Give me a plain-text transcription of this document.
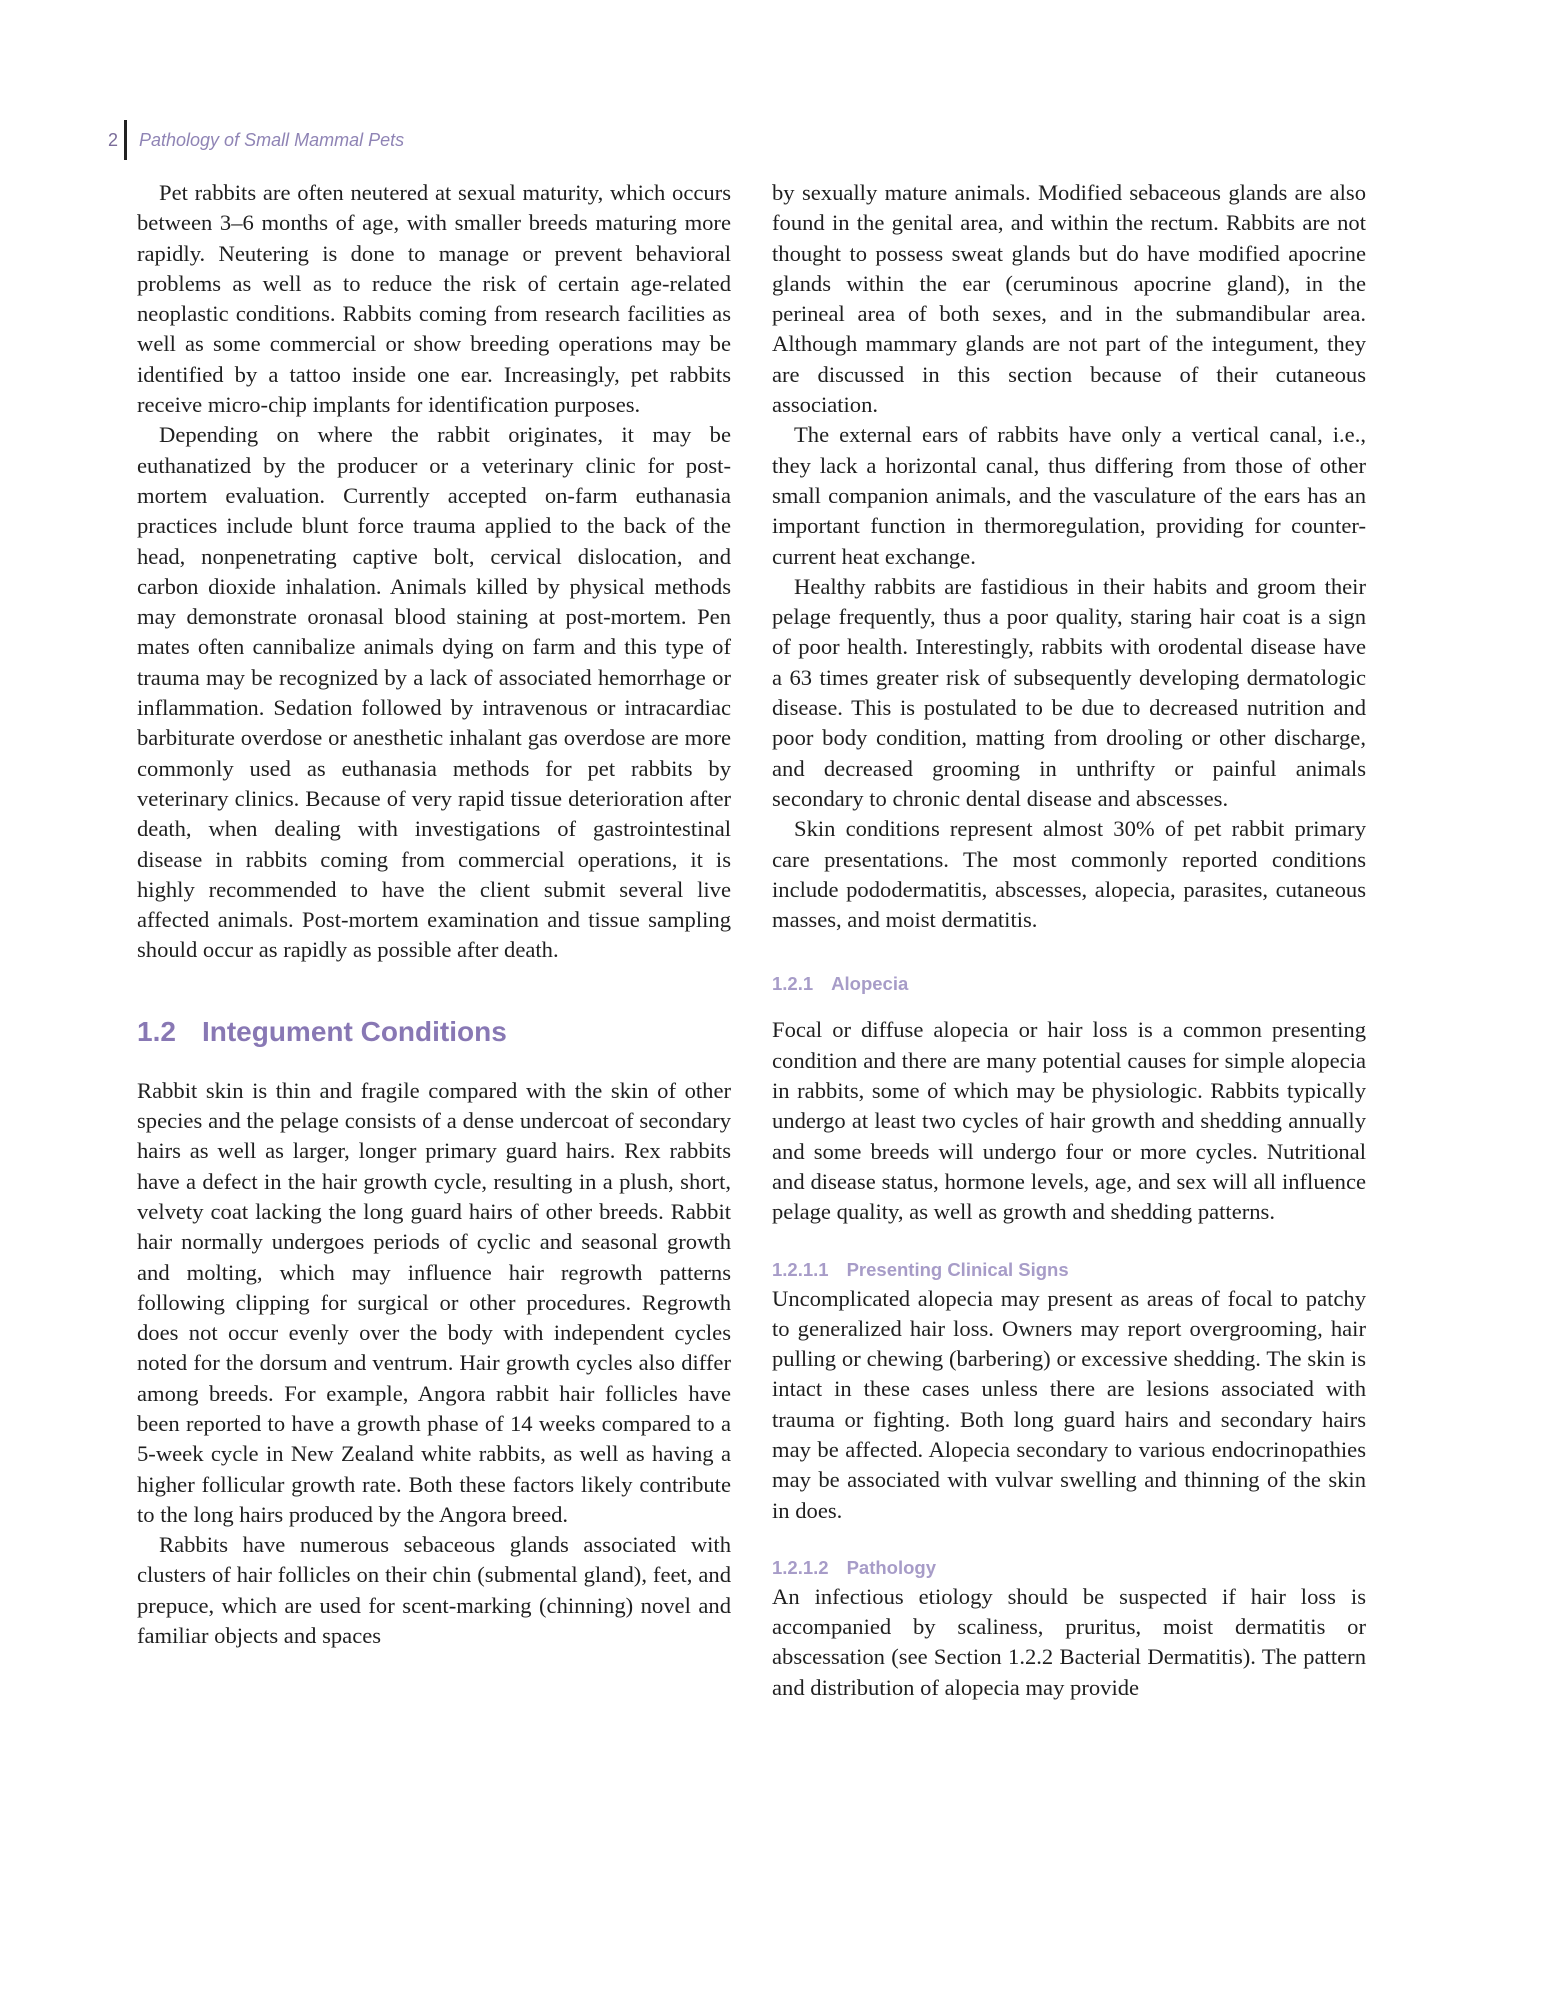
2 Pathology of Small Mammal Pets

Pet rabbits are often neutered at sexual maturity, which occurs between 3–6 months of age, with smaller breeds maturing more rapidly. Neutering is done to manage or prevent behavioral problems as well as to reduce the risk of certain age-related neoplastic conditions. Rabbits coming from research facilities as well as some commercial or show breeding operations may be identified by a tattoo inside one ear. Increasingly, pet rabbits receive micro-chip implants for identification purposes.

Depending on where the rabbit originates, it may be euthanatized by the producer or a veterinary clinic for post-mortem evaluation. Currently accepted on-farm euthanasia practices include blunt force trauma applied to the back of the head, nonpenetrating captive bolt, cervical dislocation, and carbon dioxide inhalation. Animals killed by physical methods may demonstrate oronasal blood staining at post-mortem. Pen mates often cannibalize animals dying on farm and this type of trauma may be recognized by a lack of associated hemorrhage or inflammation. Sedation followed by intravenous or intracardiac barbiturate overdose or anesthetic inhalant gas overdose are more commonly used as euthanasia methods for pet rabbits by veterinary clinics. Because of very rapid tissue deterioration after death, when dealing with investigations of gastrointestinal disease in rabbits coming from commercial operations, it is highly recommended to have the client submit several live affected animals. Post-mortem examination and tissue sampling should occur as rapidly as possible after death.

1.2 Integument Conditions

Rabbit skin is thin and fragile compared with the skin of other species and the pelage consists of a dense undercoat of secondary hairs as well as larger, longer primary guard hairs. Rex rabbits have a defect in the hair growth cycle, resulting in a plush, short, velvety coat lacking the long guard hairs of other breeds. Rabbit hair normally undergoes periods of cyclic and seasonal growth and molting, which may influence hair regrowth patterns following clipping for surgical or other procedures. Regrowth does not occur evenly over the body with independent cycles noted for the dorsum and ventrum. Hair growth cycles also differ among breeds. For example, Angora rabbit hair follicles have been reported to have a growth phase of 14 weeks compared to a 5-week cycle in New Zealand white rabbits, as well as having a higher follicular growth rate. Both these factors likely contribute to the long hairs produced by the Angora breed.

Rabbits have numerous sebaceous glands associated with clusters of hair follicles on their chin (submental gland), feet, and prepuce, which are used for scent-marking (chinning) novel and familiar objects and spaces

by sexually mature animals. Modified sebaceous glands are also found in the genital area, and within the rectum. Rabbits are not thought to possess sweat glands but do have modified apocrine glands within the ear (ceruminous apocrine gland), in the perineal area of both sexes, and in the submandibular area. Although mammary glands are not part of the integument, they are discussed in this section because of their cutaneous association.

The external ears of rabbits have only a vertical canal, i.e., they lack a horizontal canal, thus differing from those of other small companion animals, and the vasculature of the ears has an important function in thermoregulation, providing for counter-current heat exchange.

Healthy rabbits are fastidious in their habits and groom their pelage frequently, thus a poor quality, staring hair coat is a sign of poor health. Interestingly, rabbits with orodental disease have a 63 times greater risk of subsequently developing dermatologic disease. This is postulated to be due to decreased nutrition and poor body condition, matting from drooling or other discharge, and decreased grooming in unthrifty or painful animals secondary to chronic dental disease and abscesses.

Skin conditions represent almost 30% of pet rabbit primary care presentations. The most commonly reported conditions include pododermatitis, abscesses, alopecia, parasites, cutaneous masses, and moist dermatitis.

1.2.1 Alopecia

Focal or diffuse alopecia or hair loss is a common presenting condition and there are many potential causes for simple alopecia in rabbits, some of which may be physiologic. Rabbits typically undergo at least two cycles of hair growth and shedding annually and some breeds will undergo four or more cycles. Nutritional and disease status, hormone levels, age, and sex will all influence pelage quality, as well as growth and shedding patterns.

1.2.1.1 Presenting Clinical Signs

Uncomplicated alopecia may present as areas of focal to patchy to generalized hair loss. Owners may report overgrooming, hair pulling or chewing (barbering) or excessive shedding. The skin is intact in these cases unless there are lesions associated with trauma or fighting. Both long guard hairs and secondary hairs may be affected. Alopecia secondary to various endocrinopathies may be associated with vulvar swelling and thinning of the skin in does.

1.2.1.2 Pathology

An infectious etiology should be suspected if hair loss is accompanied by scaliness, pruritus, moist dermatitis or abscessation (see Section 1.2.2 Bacterial Dermatitis). The pattern and distribution of alopecia may provide
